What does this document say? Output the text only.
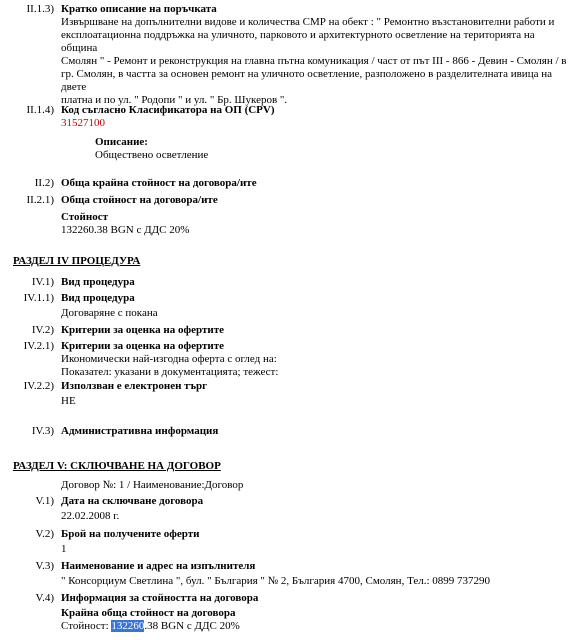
II.1.3) Кратко описание на поръчката
Извършване на допълнителни видове и количества СМР на обект : " Ремонтно възстановителни работи и
експлоатационна поддръжка на уличното, парковото и архитектурното осветление на територията на община
Смолян " - Ремонт и реконструкция на главна пътна комуникация / част от път III - 866 - Девин - Смолян / в
гр. Смолян, в частта за основен ремонт на уличното осветление, разположено в разделителната ивица на двете
платна и по ул. " Родопи " и ул. " Бр. Шукеров ".
II.1.4) Код съгласно Класификатора на ОП (CPV)
31527100
Описание:
Обществено осветление
II.2) Обща крайна стойност на договора/ите
II.2.1) Обща стойност на договора/ите
Стойност
132260.38 BGN с ДДС 20%
РАЗДЕЛ IV ПРОЦЕДУРА
IV.1) Вид процедура
IV.1.1) Вид процедура
Договаряне с покана
IV.2) Критерии за оценка на офертите
IV.2.1) Критерии за оценка на офертите
Икономически най-изгодна оферта с оглед на:
Показател: указани в документацията; тежест:
IV.2.2) Използван е електронен търг
НЕ
IV.3) Административна информация
РАЗДЕЛ V: СКЛЮЧВАНЕ НА ДОГОВОР
Договор №: 1 / Наименование:Договор
V.1) Дата на сключване договора
22.02.2008 г.
V.2) Брой на получените оферти
1
V.3) Наименование и адрес на изпълнителя
" Консорциум Светлина ", бул. " България " № 2, България 4700, Смолян, Тел.: 0899 737290
V.4) Информация за стойността на договора
Крайна обща стойност на договора
Стойност: 132260.38 BGN с ДДС 20%
